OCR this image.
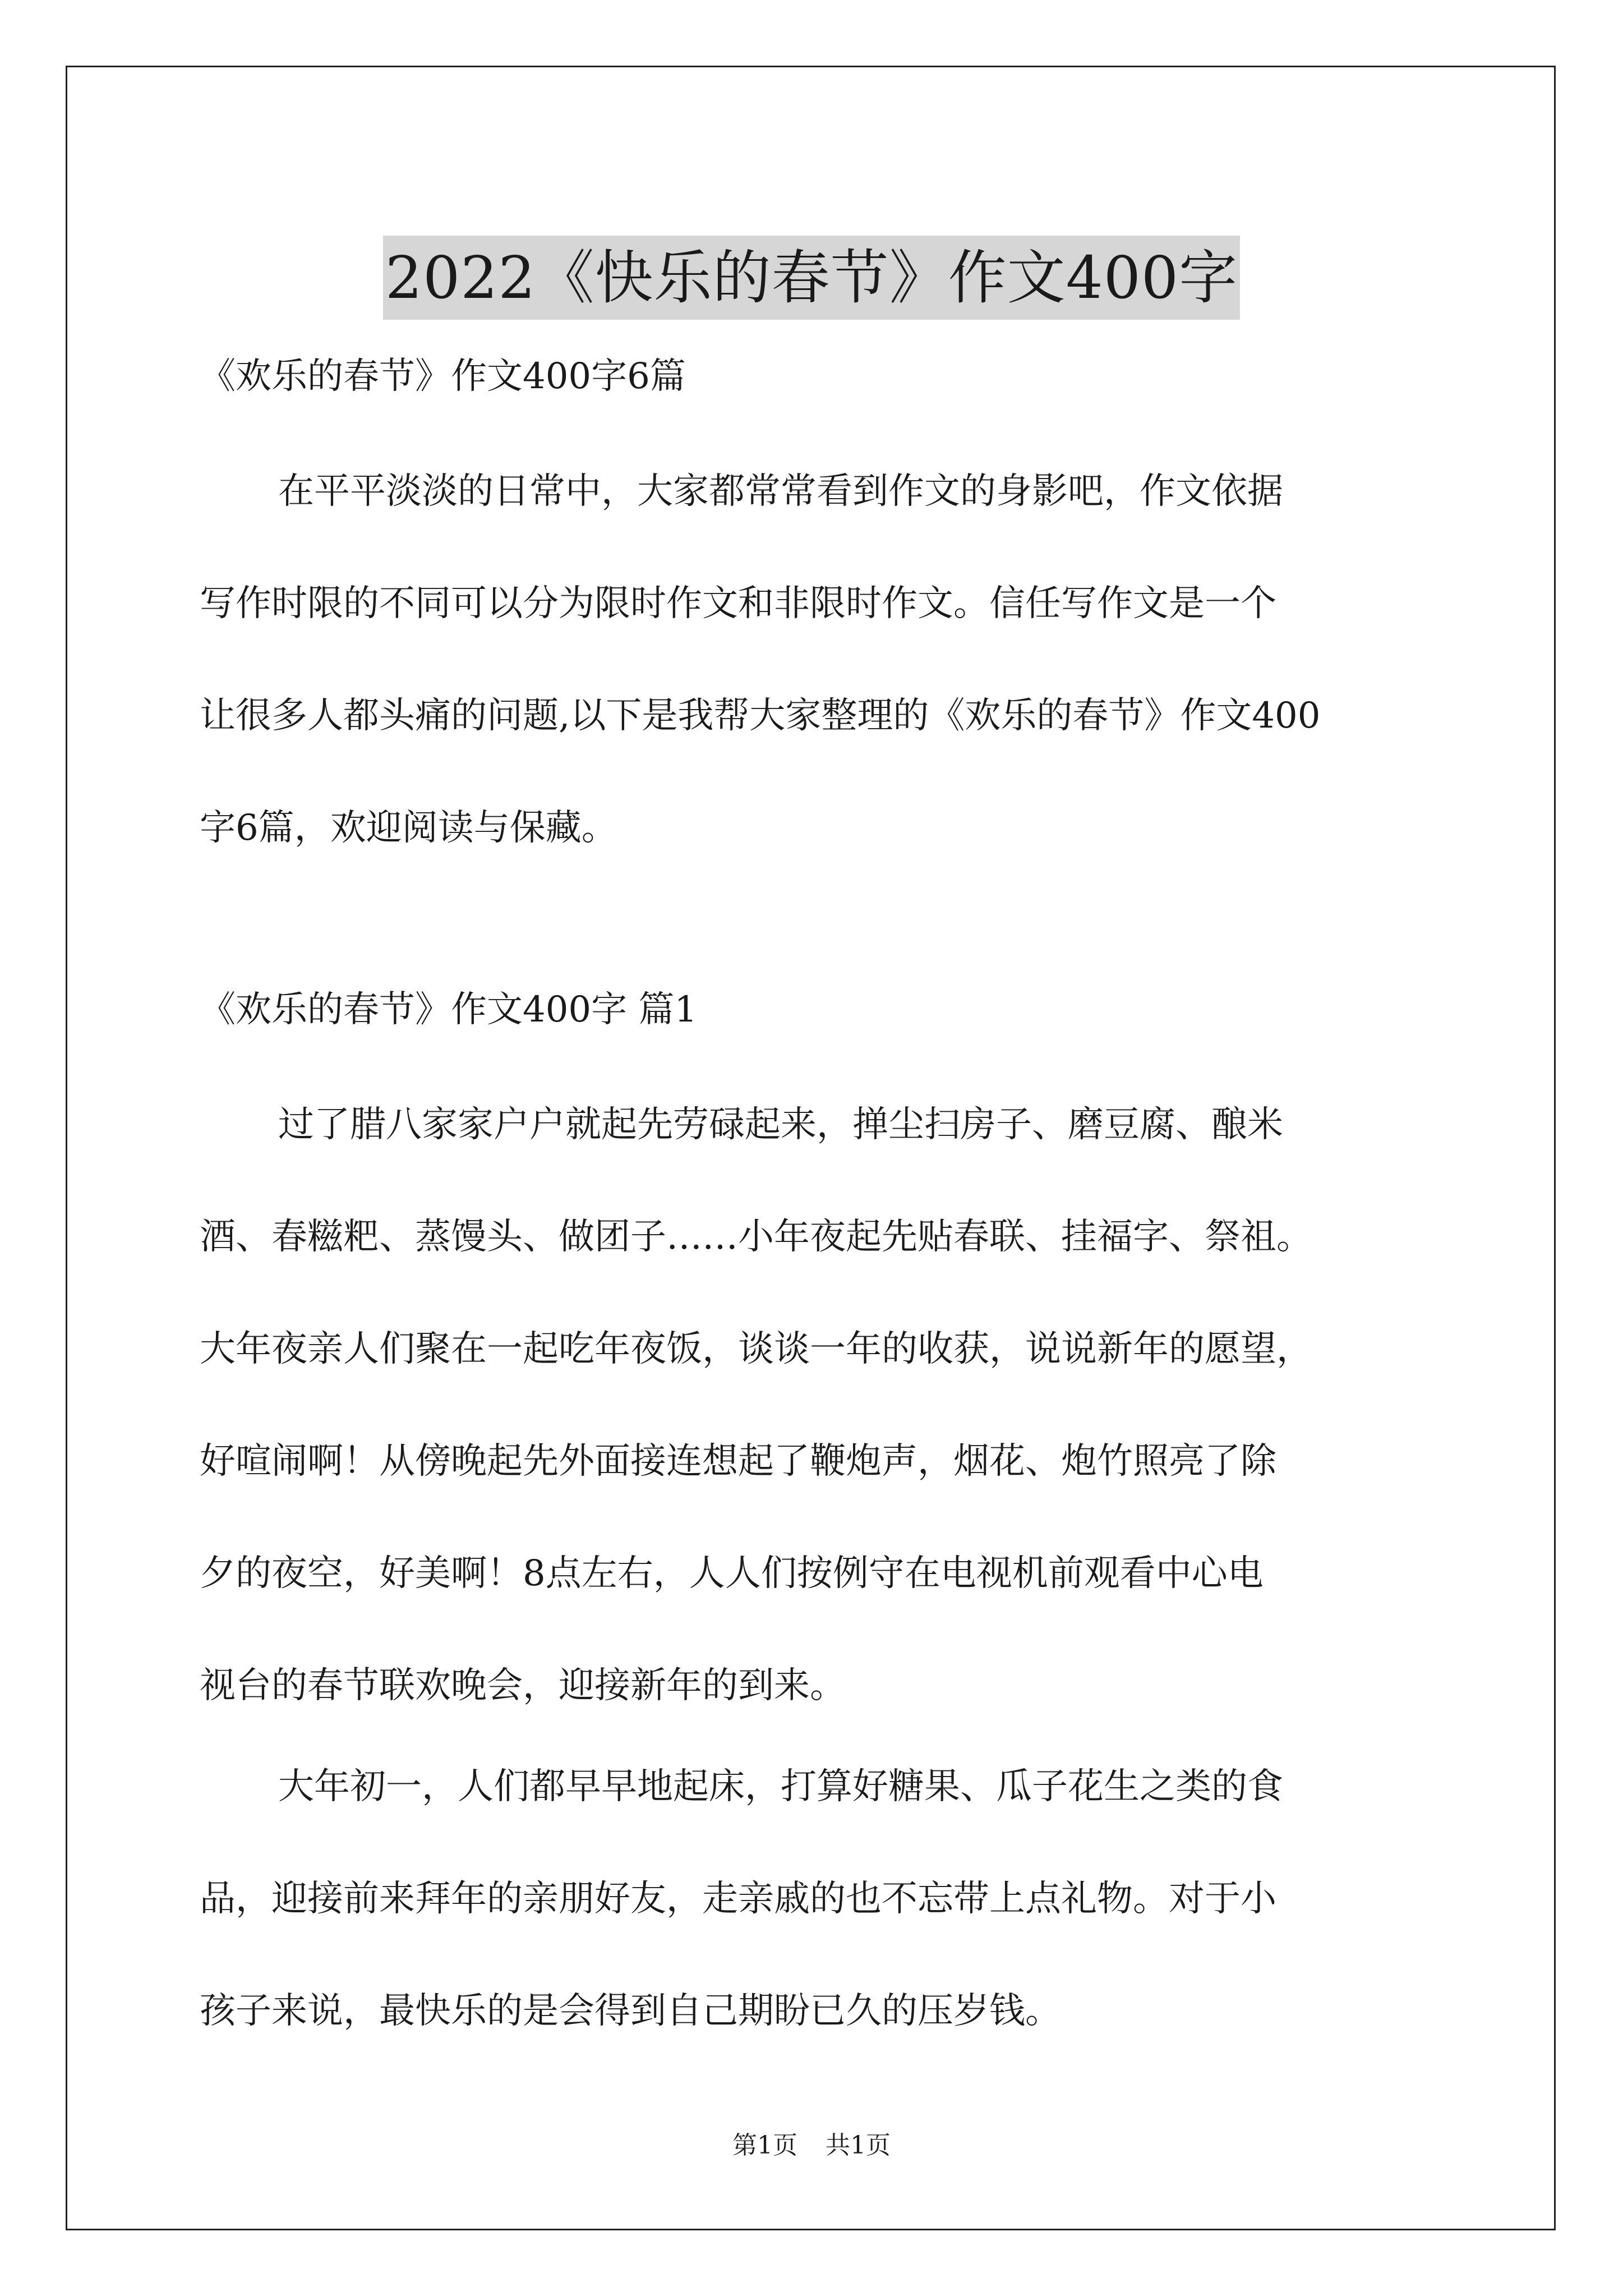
2022《快乐的春节》作文400字
《欢乐的春节》作文400字6篇
在平平淡淡的日常中，大家都常常看到作文的身影吧，作文依据
写作时限的不同可以分为限时作文和非限时作文。信任写作文是一个
让很多人都头痛的问题,以下是我帮大家整理的《欢乐的春节》作文400
字6篇，欢迎阅读与保藏。
《欢乐的春节》作文400字 篇1
过了腊八家家户户就起先劳碌起来，掸尘扫房子、磨豆腐、酿米
酒、春糍粑、蒸馒头、做团子……小年夜起先贴春联、挂福字、祭祖。
大年夜亲人们聚在一起吃年夜饭，谈谈一年的收获，说说新年的愿望，
好喧闹啊！从傍晚起先外面接连想起了鞭炮声，烟花、炮竹照亮了除
夕的夜空，好美啊！8点左右，人人们按例守在电视机前观看中心电
视台的春节联欢晚会，迎接新年的到来。
大年初一，人们都早早地起床，打算好糖果、瓜子花生之类的食
品，迎接前来拜年的亲朋好友，走亲戚的也不忘带上点礼物。对于小
孩子来说，最快乐的是会得到自己期盼已久的压岁钱。
第1页 共1页
